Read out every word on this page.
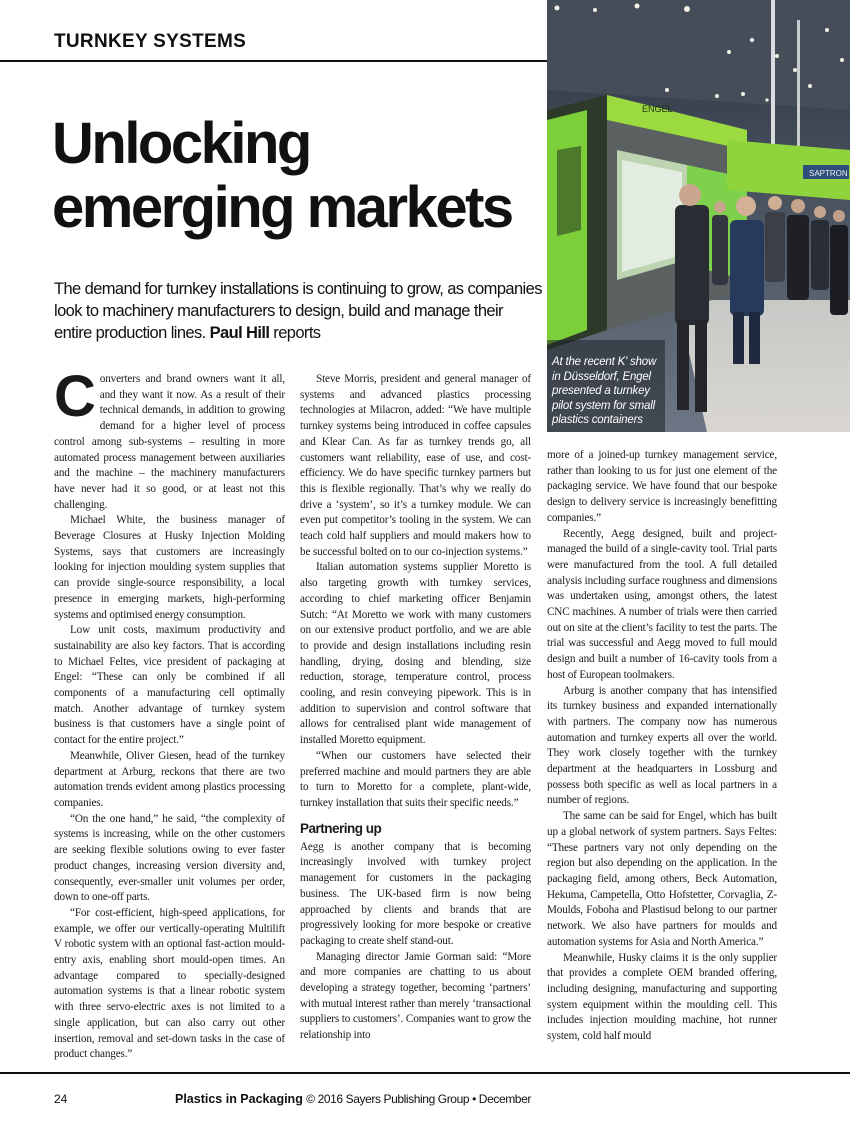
TURNKEY SYSTEMS
Unlocking
emerging markets
The demand for turnkey installations is continuing to grow, as companies look to machinery manufacturers to design, build and manage their entire production lines. Paul Hill reports
SAPTRON
ENGEL
At the recent K' show in Düsseldorf, Engel presented a turnkey pilot system for small plastics containers

Converters and brand owners want it all, and they want it now. As a result of their technical demands, in addition to growing demand for a higher level of process control among sub-systems – resulting in more automated process management between auxiliaries and the machine – the machinery manufacturers have never had it so good, or at least not this challenging.

Michael White, the business manager of Beverage Closures at Husky Injection Molding Systems, says that customers are increasingly looking for injection moulding system supplies that can provide single-source responsibility, a local presence in emerging markets, high-performing systems and optimised energy consumption.

Low unit costs, maximum productivity and sustainability are also key factors. That is according to Michael Feltes, vice president of packaging at Engel: “These can only be combined if all components of a manufacturing cell optimally match. Another advantage of turnkey system business is that customers have a single point of contact for the entire project.”

Meanwhile, Oliver Giesen, head of the turnkey department at Arburg, reckons that there are two automation trends evident among plastics processing companies.

“On the one hand,” he said, “the complexity of systems is increasing, while on the other customers are seeking flexible solutions owing to ever faster product changes, increasing version diversity and, consequently, ever-smaller unit volumes per order, down to one-off parts.

“For cost-efficient, high-speed applications, for example, we offer our vertically-operating Multilift V robotic system with an optional fast-action mould-entry axis, enabling short mould-open times. An advantage compared to specially-designed automation systems is that a linear robotic system with three servo-electric axes is not limited to a single application, but can also carry out other insertion, removal and set-down tasks in the case of product changes.”

Steve Morris, president and general manager of systems and advanced plastics processing technologies at Milacron, added: “We have multiple turnkey systems being introduced in coffee capsules and Klear Can. As far as turnkey trends go, all customers want reliability, ease of use, and cost-efficiency. We do have specific turnkey partners but this is flexible regionally. That’s why we really do drive a ‘system’, so it’s a turnkey module. We can even put competitor’s tooling in the system. We can teach cold half suppliers and mould makers how to be successful bolted on to our co-injection systems.”

Italian automation systems supplier Moretto is also targeting growth with turnkey services, according to chief marketing officer Benjamin Sutch: “At Moretto we work with many customers on our extensive product portfolio, and we are able to provide and design installations including resin handling, drying, dosing and blending, size reduction, storage, temperature control, process cooling, and resin conveying pipework. This is in addition to supervision and control software that allows for centralised plant wide management of installed Moretto equipment.

“When our customers have selected their preferred machine and mould partners they are able to turn to Moretto for a complete, plant-wide, turnkey installation that suits their specific needs.”

Partnering up

Aegg is another company that is becoming increasingly involved with turnkey project management for customers in the packaging business. The UK-based firm is now being approached by clients and brands that are progressively looking for more bespoke or creative packaging to create shelf stand-out.

Managing director Jamie Gorman said: “More and more companies are chatting to us about developing a strategy together, becoming ‘partners’ with mutual interest rather than merely ‘transactional suppliers to customers’. Companies want to grow the relationship into

more of a joined-up turnkey management service, rather than looking to us for just one element of the packaging service. We have found that our bespoke design to delivery service is increasingly benefitting companies.”

Recently, Aegg designed, built and project-managed the build of a single-cavity tool. Trial parts were manufactured from the tool. A full detailed analysis including surface roughness and dimensions was undertaken using, amongst others, the latest CNC machines. A number of trials were then carried out on site at the client’s facility to test the parts. The trial was successful and Aegg moved to full mould design and built a number of 16-cavity tools from a host of European toolmakers.

Arburg is another company that has intensified its turnkey business and expanded internationally with partners. The company now has numerous automation and turnkey experts all over the world. They work closely together with the turnkey department at the headquarters in Lossburg and possess both specific as well as local partners in a number of regions.

The same can be said for Engel, which has built up a global network of system partners. Says Feltes: “These partners vary not only depending on the region but also depending on the application. In the packaging field, among others, Beck Automation, Hekuma, Campetella, Otto Hofstetter, Corvaglia, Z-Moulds, Foboha and Plastisud belong to our partner network. We also have partners for moulds and automation systems for Asia and North America.”

Meanwhile, Husky claims it is the only supplier that provides a complete OEM branded offering, including designing, manufacturing and supporting system equipment within the moulding cell. This includes injection moulding machine, hot runner system, cold half mould

24	Plastics in Packaging © 2016 Sayers Publishing Group • December
